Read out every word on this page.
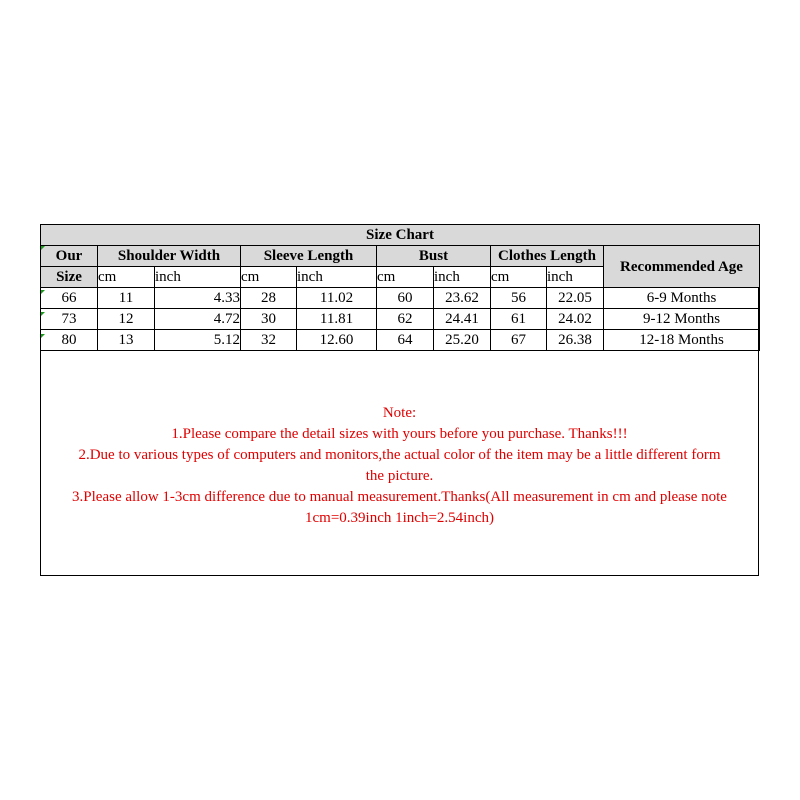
Size Chart									
Our	Shoulder Width		Sleeve Length		Bust		Clothes Length		Recommended Age
Size	cm	inch	cm	inch	cm	inch	cm	inch	
66	11	4.33	28	11.02	60	23.62	56	22.05	6-9 Months
73	12	4.72	30	11.81	62	24.41	61	24.02	9-12 Months
80	13	5.12	32	12.60	64	25.20	67	26.38	12-18 Months
Note:
1.Please compare the detail sizes with yours before you purchase. Thanks!!!
2.Due to various types of computers and monitors,the actual color of the item may be a little different form
the picture.
3.Please allow 1-3cm difference due to manual measurement.Thanks(All measurement in cm and please note
1cm=0.39inch 1inch=2.54inch)
